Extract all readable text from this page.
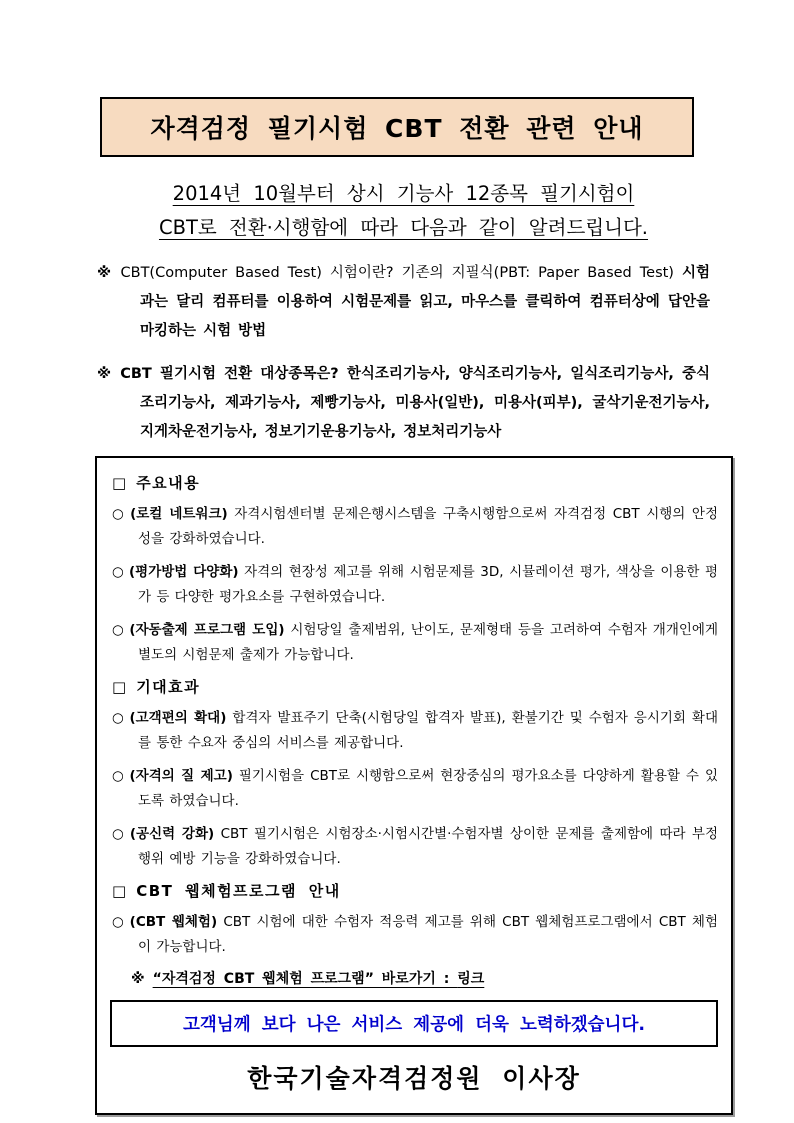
자격검정 필기시험 CBT 전환 관련 안내
2014년 10월부터 상시 기능사 12종목 필기시험이
CBT로 전환·시행함에 따라 다음과 같이 알려드립니다.

※ CBT(Computer Based Test) 시험이란? 기존의 지필식(PBT: Paper Based Test) 시험과는 달리 컴퓨터를 이용하여 시험문제를 읽고, 마우스를 클릭하여 컴퓨터상에 답안을 마킹하는 시험 방법

※ CBT 필기시험 전환 대상종목은? 한식조리기능사, 양식조리기능사, 일식조리기능사, 중식조리기능사, 제과기능사, 제빵기능사, 미용사(일반), 미용사(피부), 굴삭기운전기능사, 지게차운전기능사, 정보기기운용기능사, 정보처리기능사

□ 주요내용

○ (로컬 네트워크) 자격시험센터별 문제은행시스템을 구축시행함으로써 자격검정 CBT 시행의 안정성을 강화하였습니다.

○ (평가방법 다양화) 자격의 현장성 제고를 위해 시험문제를 3D, 시뮬레이션 평가, 색상을 이용한 평가 등 다양한 평가요소를 구현하였습니다.

○ (자동출제 프로그램 도입) 시험당일 출제범위, 난이도, 문제형태 등을 고려하여 수험자 개개인에게 별도의 시험문제 출제가 가능합니다.

□ 기대효과

○ (고객편의 확대) 합격자 발표주기 단축(시험당일 합격자 발표), 환불기간 및 수험자 응시기회 확대를 통한 수요자 중심의 서비스를 제공합니다.

○ (자격의 질 제고) 필기시험을 CBT로 시행함으로써 현장중심의 평가요소를 다양하게 활용할 수 있도록 하였습니다.

○ (공신력 강화) CBT 필기시험은 시험장소·시험시간별·수험자별 상이한 문제를 출제함에 따라 부정행위 예방 기능을 강화하였습니다.

□ CBT 웹체험프로그램 안내

○ (CBT 웹체험) CBT 시험에 대한 수험자 적응력 제고를 위해 CBT 웹체험프로그램에서 CBT 체험이 가능합니다.

※ “자격검정 CBT 웹체험 프로그램” 바로가기 : 링크

고객님께 보다 나은 서비스 제공에 더욱 노력하겠습니다.
한국기술자격검정원 이사장
